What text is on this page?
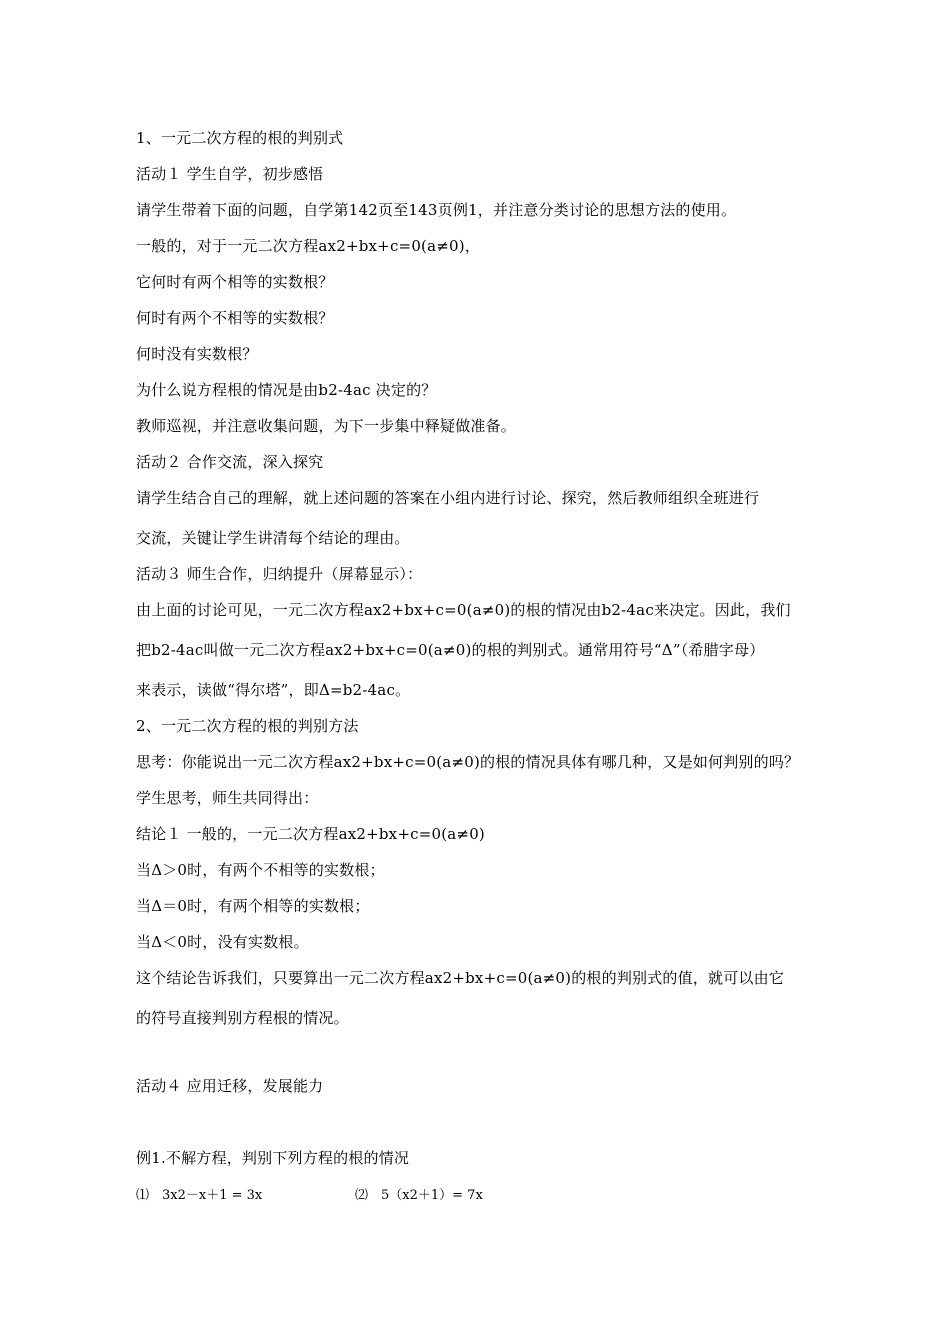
1、一元二次方程的根的判别式
活动１ 学生自学，初步感悟
请学生带着下面的问题，自学第142页至143页例1，并注意分类讨论的思想方法的使用。
一般的，对于一元二次方程ax2+bx+c=0(a≠0)，
它何时有两个相等的实数根？
何时有两个不相等的实数根？
何时没有实数根？
为什么说方程根的情况是由b2-4ac 决定的？
教师巡视，并注意收集问题，为下一步集中释疑做准备。
活动２ 合作交流，深入探究
请学生结合自己的理解，就上述问题的答案在小组内进行讨论、探究，然后教师组织全班进行
交流，关键让学生讲清每个结论的理由。
活动３ 师生合作，归纳提升（屏幕显示）：
由上面的讨论可见，一元二次方程ax2+bx+c=0(a≠0)的根的情况由b2-4ac来决定。因此，我们
把b2-4ac叫做一元二次方程ax2+bx+c=0(a≠0)的根的判别式。通常用符号“Δ”（希腊字母）
来表示，读做“得尔塔”，即Δ=b2-4ac。
2、一元二次方程的根的判别方法
思考：你能说出一元二次方程ax2+bx+c=0(a≠0)的根的情况具体有哪几种，又是如何判别的吗？
学生思考，师生共同得出：
结论１ 一般的，一元二次方程ax2+bx+c=0(a≠0)
当Δ＞0时，有两个不相等的实数根；
当Δ＝0时，有两个相等的实数根；
当Δ＜0时，没有实数根。
这个结论告诉我们，只要算出一元二次方程ax2+bx+c=0(a≠0)的根的判别式的值，就可以由它
的符号直接判别方程根的情况。
活动４ 应用迁移，发展能力
例1.不解方程，判别下列方程的根的情况
⑴　3x2－x＋1 = 3x	⑵　5（x2＋1）= 7x
